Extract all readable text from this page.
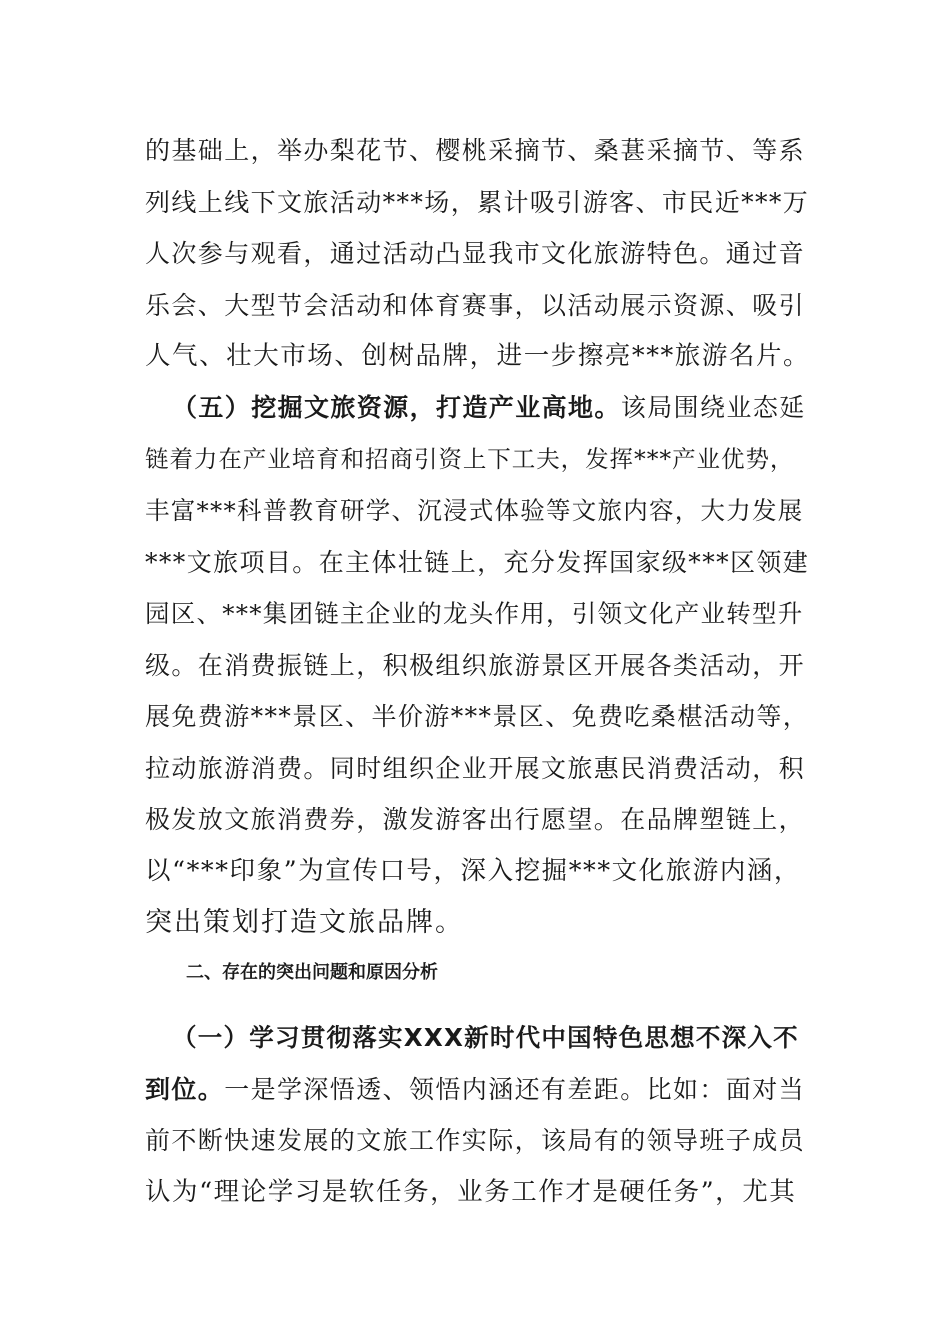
的基础上，举办梨花节、樱桃采摘节、桑葚采摘节、等系
列线上线下文旅活动***场，累计吸引游客、市民近***万
人次参与观看，通过活动凸显我市文化旅游特色。通过音
乐会、大型节会活动和体育赛事，以活动展示资源、吸引
人气、壮大市场、创树品牌，进一步擦亮***旅游名片。
（五）挖掘文旅资源，打造产业高地。该局围绕业态延
链着力在产业培育和招商引资上下工夫，发挥***产业优势，
丰富***科普教育研学、沉浸式体验等文旅内容，大力发展
***文旅项目。在主体壮链上，充分发挥国家级***区领建
园区、***集团链主企业的龙头作用，引领文化产业转型升
级。在消费振链上，积极组织旅游景区开展各类活动，开
展免费游***景区、半价游***景区、免费吃桑椹活动等，
拉动旅游消费。同时组织企业开展文旅惠民消费活动，积
极发放文旅消费券，激发游客出行愿望。在品牌塑链上，
以“***印象”为宣传口号，深入挖掘***文化旅游内涵，
突出策划打造文旅品牌。
二、存在的突出问题和原因分析
（一）学习贯彻落实XXX新时代中国特色思想不深入不
到位。一是学深悟透、领悟内涵还有差距。比如：面对当
前不断快速发展的文旅工作实际，该局有的领导班子成员
认为“理论学习是软任务，业务工作才是硬任务”，尤其
